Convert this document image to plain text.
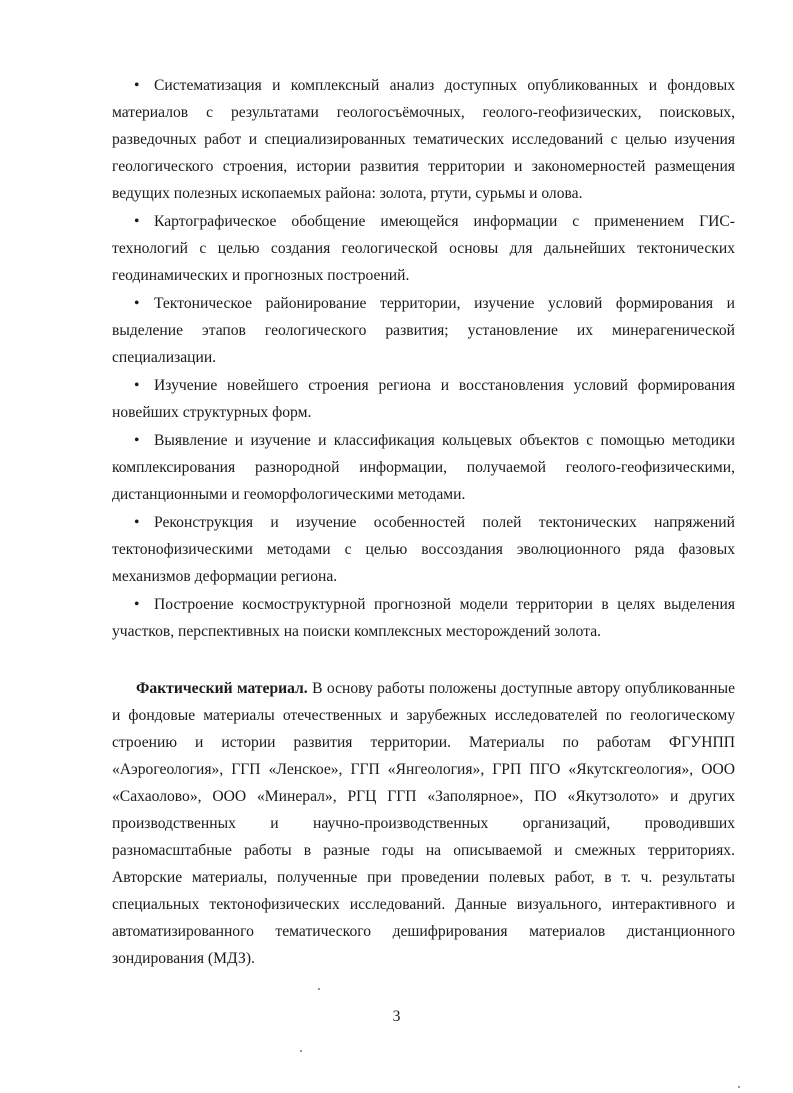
• Систематизация и комплексный анализ доступных опубликованных и фондовых материалов с результатами геологосъёмочных, геолого-геофизических, поисковых, разведочных работ и специализированных тематических исследований с целью изучения геологического строения, истории развития территории и закономерностей размещения ведущих полезных ископаемых района: золота, ртути, сурьмы и олова.

• Картографическое обобщение имеющейся информации с применением ГИС-технологий с целью создания геологической основы для дальнейших тектонических геодинамических и прогнозных построений.

• Тектоническое районирование территории, изучение условий формирования и выделение этапов геологического развития; установление их минерагенической специализации.

• Изучение новейшего строения региона и восстановления условий формирования новейших структурных форм.

• Выявление и изучение и классификация кольцевых объектов с помощью методики комплексирования разнородной информации, получаемой геолого-геофизическими, дистанционными и геоморфологическими методами.

• Реконструкция и изучение особенностей полей тектонических напряжений тектонофизическими методами с целью воссоздания эволюционного ряда фазовых механизмов деформации региона.

• Построение космоструктурной прогнозной модели территории в целях выделения участков, перспективных на поиски комплексных месторождений золота.

Фактический материал. В основу работы положены доступные автору опубликованные и фондовые материалы отечественных и зарубежных исследователей по геологическому строению и истории развития территории. Материалы по работам ФГУНПП «Аэрогеология», ГГП «Ленское», ГГП «Янгеология», ГРП ПГО «Якутскгеология», ООО «Сахаолово», ООО «Минерал», РГЦ ГГП «Заполярное», ПО «Якутзолото» и других производственных и научно-производственных организаций, проводивших разномасштабные работы в разные годы на описываемой и смежных территориях. Авторские материалы, полученные при проведении полевых работ, в т. ч. результаты специальных тектонофизических исследований. Данные визуального, интерактивного и автоматизированного тематического дешифрирования материалов дистанционного зондирования (МДЗ).

3
